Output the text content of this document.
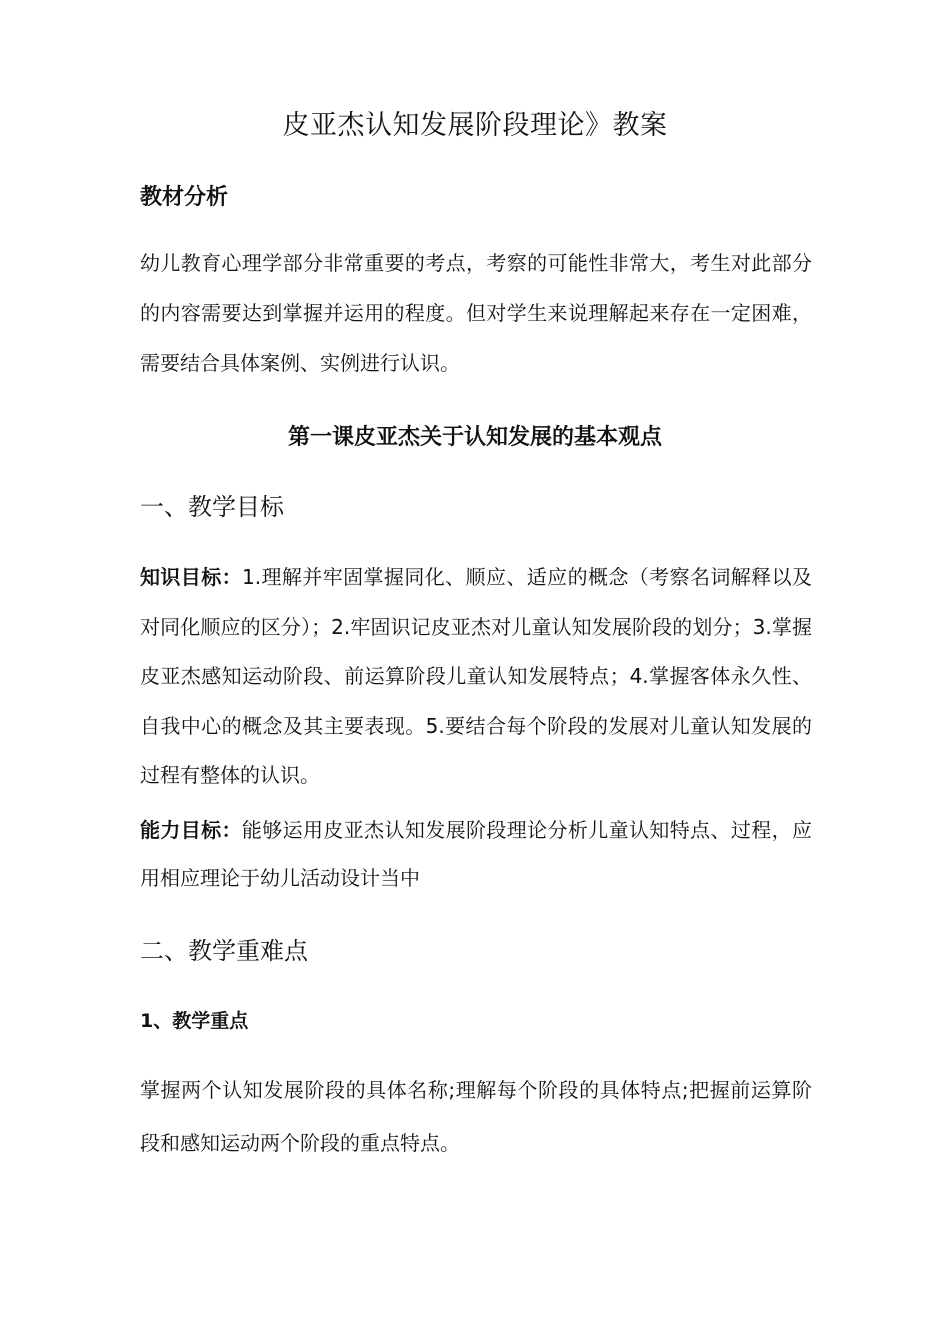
皮亚杰认知发展阶段理论》教案
教材分析

幼儿教育心理学部分非常重要的考点，考察的可能性非常大，考生对此部分的内容需要达到掌握并运用的程度。但对学生来说理解起来存在一定困难，需要结合具体案例、实例进行认识。

第一课皮亚杰关于认知发展的基本观点
一、教学目标

知识目标：1.理解并牢固掌握同化、顺应、适应的概念（考察名词解释以及对同化顺应的区分）；2.牢固识记皮亚杰对儿童认知发展阶段的划分；3.掌握皮亚杰感知运动阶段、前运算阶段儿童认知发展特点；4.掌握客体永久性、自我中心的概念及其主要表现。5.要结合每个阶段的发展对儿童认知发展的过程有整体的认识。

能力目标：能够运用皮亚杰认知发展阶段理论分析儿童认知特点、过程，应用相应理论于幼儿活动设计当中

二、教学重难点
1、教学重点

掌握两个认知发展阶段的具体名称;理解每个阶段的具体特点;把握前运算阶段和感知运动两个阶段的重点特点。
